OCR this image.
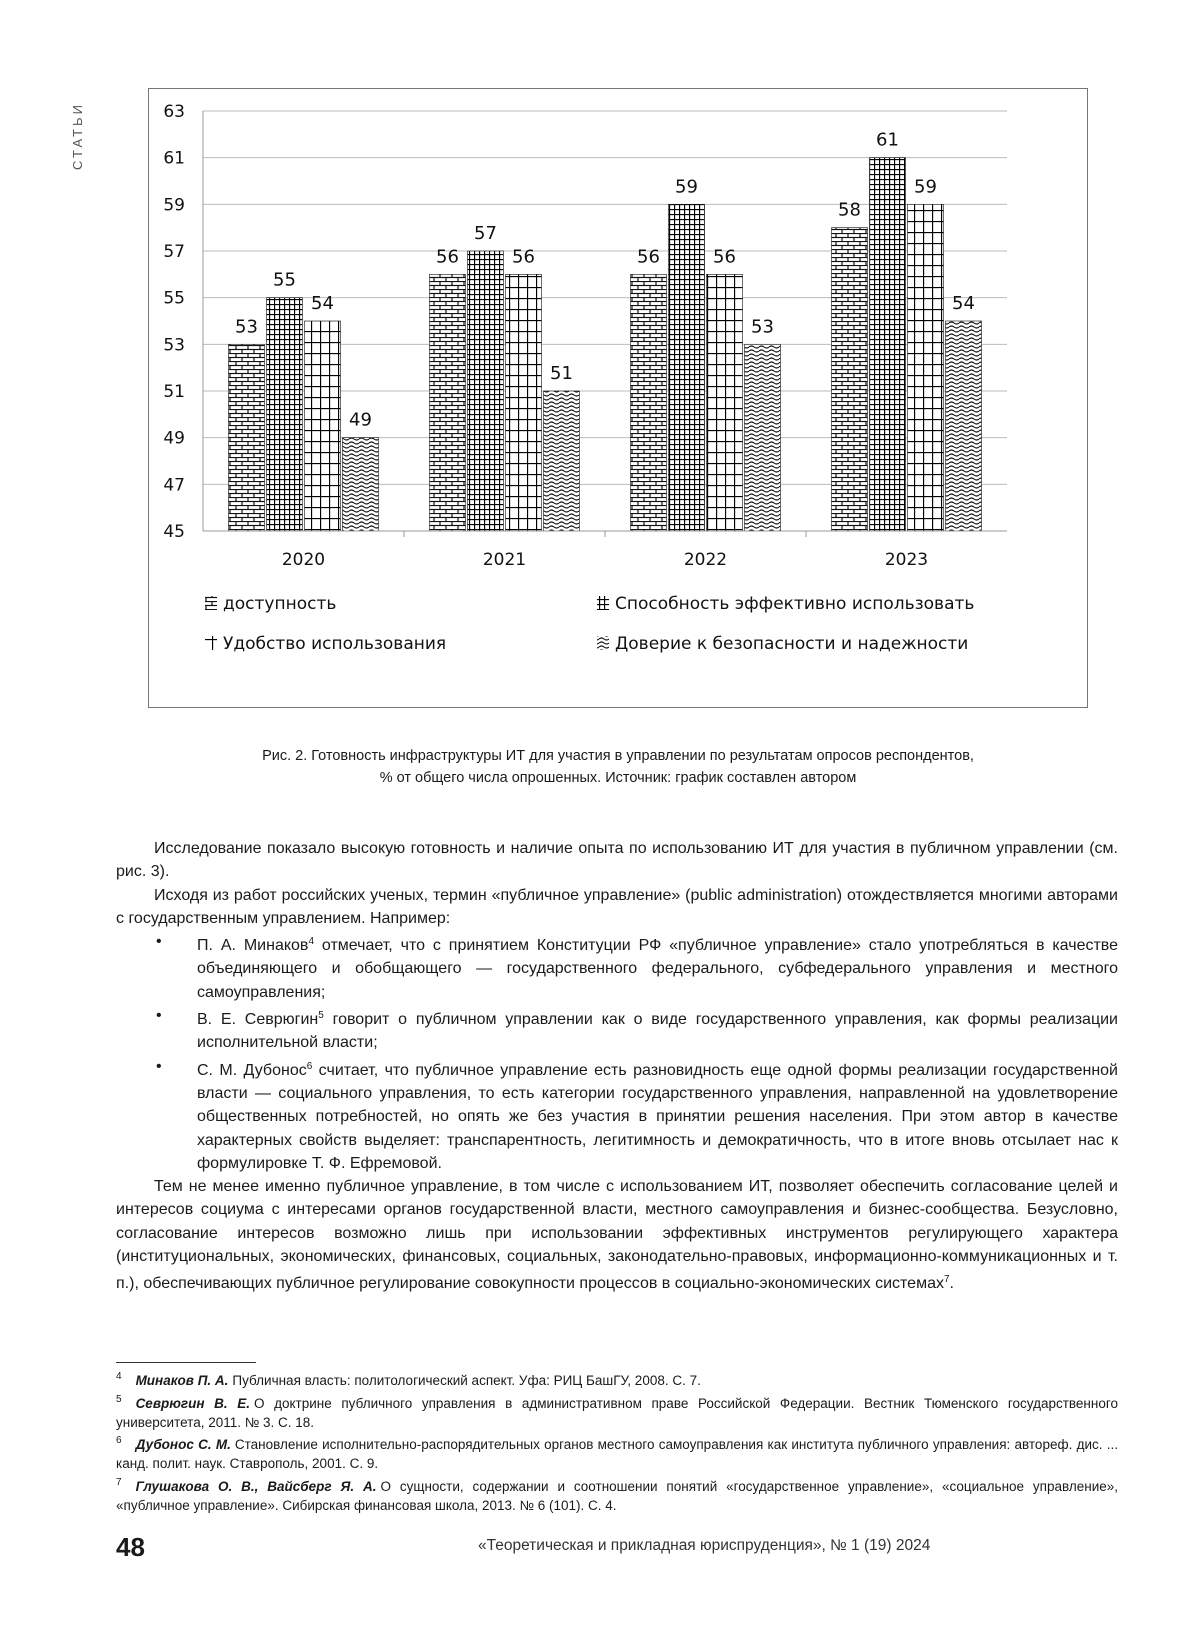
СТАТЬИ
53
55
54
49
56
57
56
51
56
59
56
53
58
61
59
54
45
47
49
51
53
55
57
59
61
63
2020	2021	2022	2023
доступность	Способность эффективно использовать
Удобство использования	Доверие к безопасности и надежности
Рис. 2. Готовность инфраструктуры ИТ для участия в управлении по результатам опросов респондентов,
% от общего числа опрошенных. Источник: график составлен автором

Исследование показало высокую готовность и наличие опыта по использованию ИТ для участия в публичном управлении (см. рис. 3).

Исходя из работ российских ученых, термин «публичное управление» (public administration) отождествляется многими авторами с государственным управлением. Например:

• П. А. Минаков$^4$ отмечает, что с принятием Конституции РФ «публичное управление» стало употребляться в качестве объединяющего и обобщающего — государственного федерального, субфедерального управления и местного самоуправления;
• В. Е. Севрюгин$^5$ говорит о публичном управлении как о виде государственного управления, как формы реализации исполнительной власти;
• С. М. Дубонос$^6$ считает, что публичное управление есть разновидность еще одной формы реализации государственной власти — социального управления, то есть категории государственного управления, направленной на удовлетворение общественных потребностей, но опять же без участия в принятии решения населения. При этом автор в качестве характерных свойств выделяет: транспарентность, легитимность и демократичность, что в итоге вновь отсылает нас к формулировке Т. Ф. Ефремовой.

Тем не менее именно публичное управление, в том числе с использованием ИТ, позволяет обеспечить согласование целей и интересов социума с интересами органов государственной власти, местного самоуправления и бизнес-сообщества. Безусловно, согласование интересов возможно лишь при использовании эффективных инструментов регулирующего характера (институциональных, экономических, финансовых, социальных, законодательно-правовых, информационно-коммуникационных и т. п.), обеспечивающих публичное регулирование совокупности процессов в социально-экономических системах$^7$.

$^4$ Минаков П. А. Публичная власть: политологический аспект. Уфа: РИЦ БашГУ, 2008. С. 7.
$^5$ Севрюгин В. Е. О доктрине публичного управления в административном праве Российской Федерации. Вестник Тюменского государственного университета, 2011. № 3. С. 18.
$^6$ Дубонос С. М. Становление исполнительно-распорядительных органов местного самоуправления как института публичного управления: автореф. дис. ... канд. полит. наук. Ставрополь, 2001. С. 9.
$^7$ Глушакова О. В., Вайсберг Я. А. О сущности, содержании и соотношении понятий «государственное управление», «социальное управление», «публичное управление». Сибирская финансовая школа, 2013. № 6 (101). С. 4.
48	«Теоретическая и прикладная юриспруденция», № 1 (19) 2024
